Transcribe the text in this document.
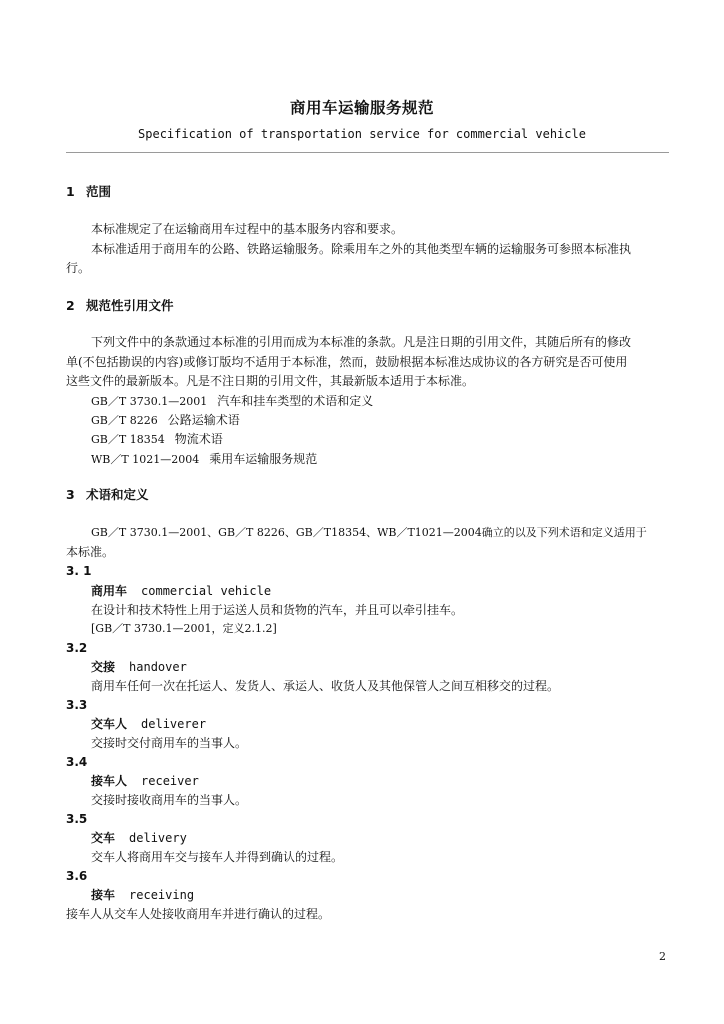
商用车运输服务规范
Specification of transportation service for commercial vehicle
1 范围
本标准规定了在运输商用车过程中的基本服务内容和要求。
本标准适用于商用车的公路、铁路运输服务。除乘用车之外的其他类型车辆的运输服务可参照本标准执
行。
2 规范性引用文件
下列文件中的条款通过本标准的引用而成为本标准的条款。凡是注日期的引用文件，其随后所有的修改
单(不包括勘误的内容)或修订版均不适用于本标准，然而，鼓励根据本标准达成协议的各方研究是否可使用
这些文件的最新版本。凡是不注日期的引用文件，其最新版本适用于本标准。
GB／T 3730.1—2001 汽车和挂车类型的术语和定义
GB／T 8226 公路运输术语
GB／T 18354 物流术语
WB／T 1021—2004 乘用车运输服务规范
3 术语和定义
GB／T 3730.1—2001、GB／T 8226、GB／T18354、WB／T1021—2004确立的以及下列术语和定义适用于
本标准。
3. 1
商用车 commercial vehicle
在设计和技术特性上用于运送人员和货物的汽车，并且可以牵引挂车。
[GB／T 3730.1—2001，定义2.1.2]
3.2
交接 handover
商用车任何一次在托运人、发货人、承运人、收货人及其他保管人之间互相移交的过程。
3.3
交车人 deliverer
交接时交付商用车的当事人。
3.4
接车人 receiver
交接时接收商用车的当事人。
3.5
交车 delivery
交车人将商用车交与接车人并得到确认的过程。
3.6
接车 receiving
接车人从交车人处接收商用车并进行确认的过程。
2
